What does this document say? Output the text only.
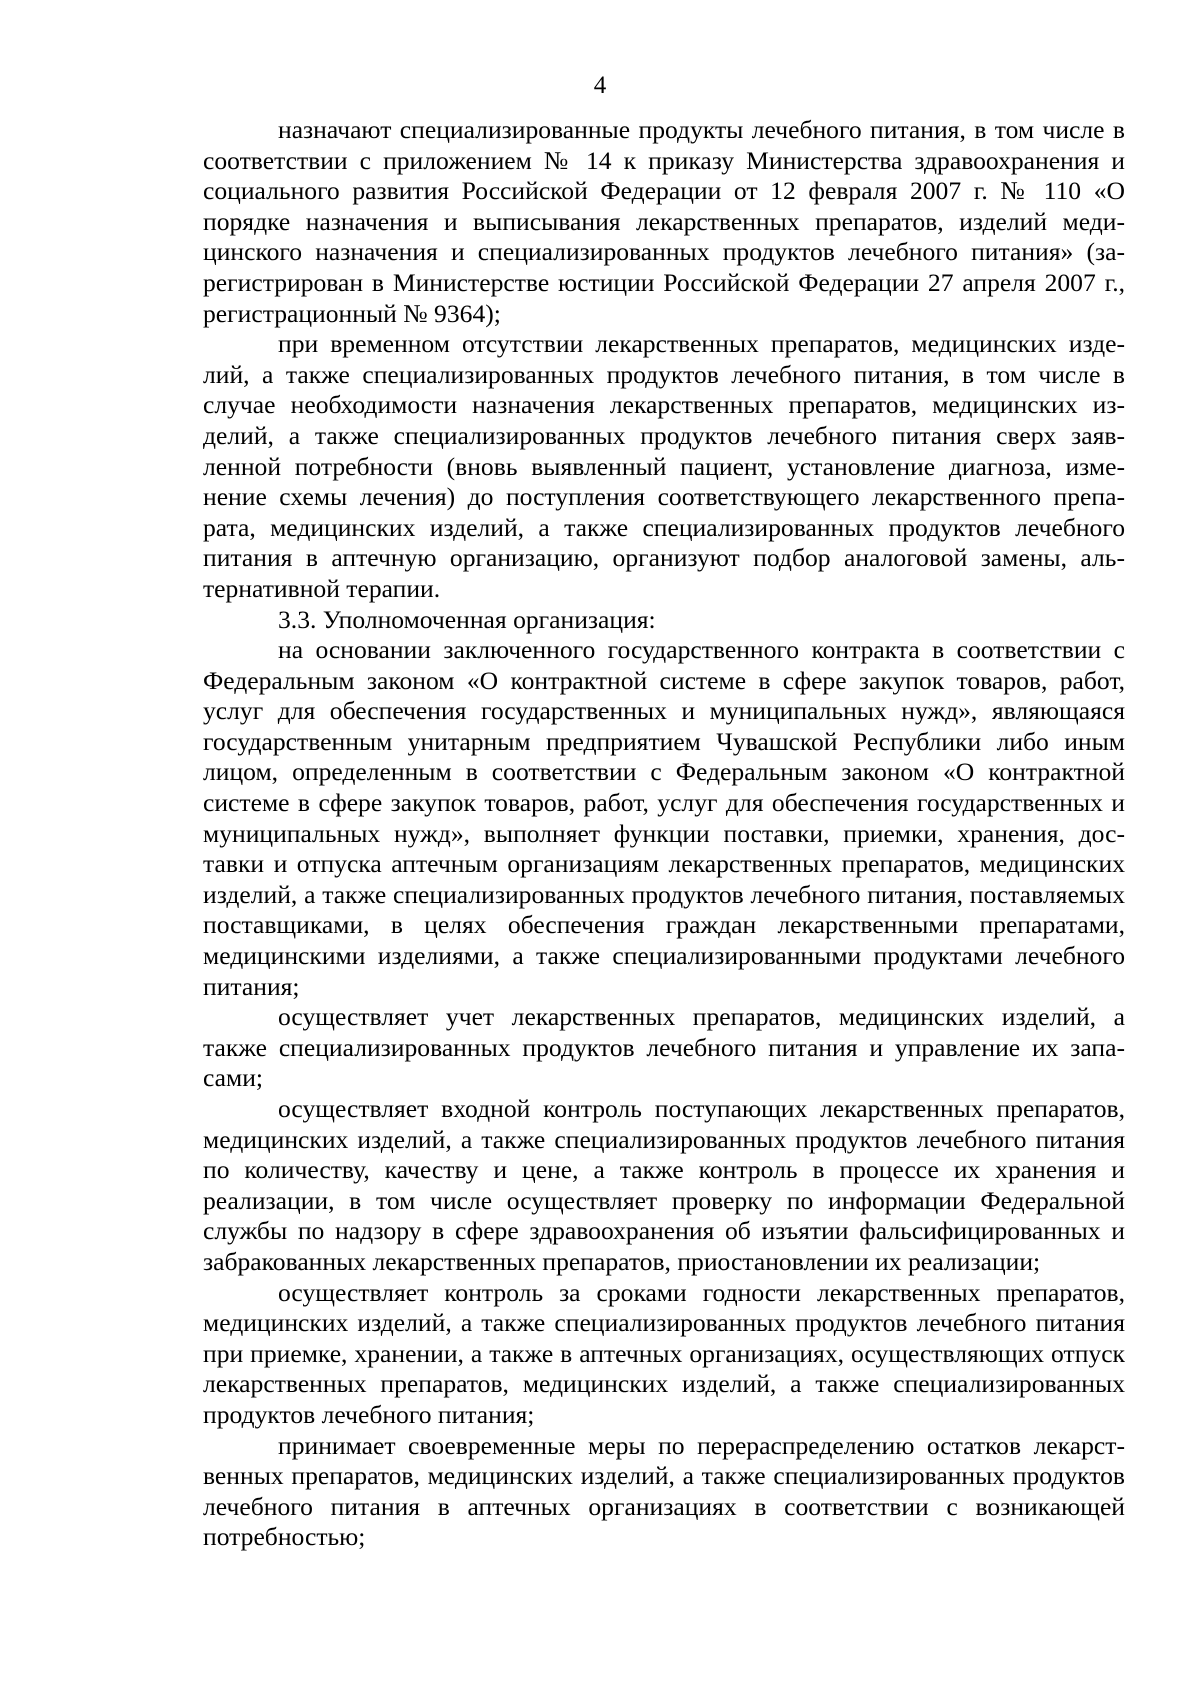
4

назначают специализированные продукты лечебного питания, в том числе в соответствии с приложением № 14 к приказу Министерства здравоохранения и социального развития Российской Федерации от 12 февраля 2007 г. № 110 «О порядке назначения и выписывания лекарственных препаратов, изделий медицинского назначения и специализированных продуктов лечебного питания» (зарегистрирован в Министерстве юстиции Российской Федерации 27 апреля 2007 г., регистрационный № 9364);

при временном отсутствии лекарственных препаратов, медицинских изделий, а также специализированных продуктов лечебного питания, в том числе в случае необходимости назначения лекарственных препаратов, медицинских изделий, а также специализированных продуктов лечебного питания сверх заявленной потребности (вновь выявленный пациент, установление диагноза, изменение схемы лечения) до поступления соответствующего лекарственного препарата, медицинских изделий, а также специализированных продуктов лечебного питания в аптечную организацию, организуют подбор аналоговой замены, альтернативной терапии.

3.3. Уполномоченная организация:

на основании заключенного государственного контракта в соответствии с Федеральным законом «О контрактной системе в сфере закупок товаров, работ, услуг для обеспечения государственных и муниципальных нужд», являющаяся государственным унитарным предприятием Чувашской Республики либо иным лицом, определенным в соответствии с Федеральным законом «О контрактной системе в сфере закупок товаров, работ, услуг для обеспечения государственных и муниципальных нужд», выполняет функции поставки, приемки, хранения, доставки и отпуска аптечным организациям лекарственных препаратов, медицинских изделий, а также специализированных продуктов лечебного питания, поставляемых поставщиками, в целях обеспечения граждан лекарственными препаратами, медицинскими изделиями, а также специализированными продуктами лечебного питания;

осуществляет учет лекарственных препаратов, медицинских изделий, а также специализированных продуктов лечебного питания и управление их запасами;

осуществляет входной контроль поступающих лекарственных препаратов, медицинских изделий, а также специализированных продуктов лечебного питания по количеству, качеству и цене, а также контроль в процессе их хранения и реализации, в том числе осуществляет проверку по информации Федеральной службы по надзору в сфере здравоохранения об изъятии фальсифицированных и забракованных лекарственных препаратов, приостановлении их реализации;

осуществляет контроль за сроками годности лекарственных препаратов, медицинских изделий, а также специализированных продуктов лечебного питания при приемке, хранении, а также в аптечных организациях, осуществляющих отпуск лекарственных препаратов, медицинских изделий, а также специализированных продуктов лечебного питания;

принимает своевременные меры по перераспределению остатков лекарственных препаратов, медицинских изделий, а также специализированных продуктов лечебного питания в аптечных организациях в соответствии с возникающей потребностью;
